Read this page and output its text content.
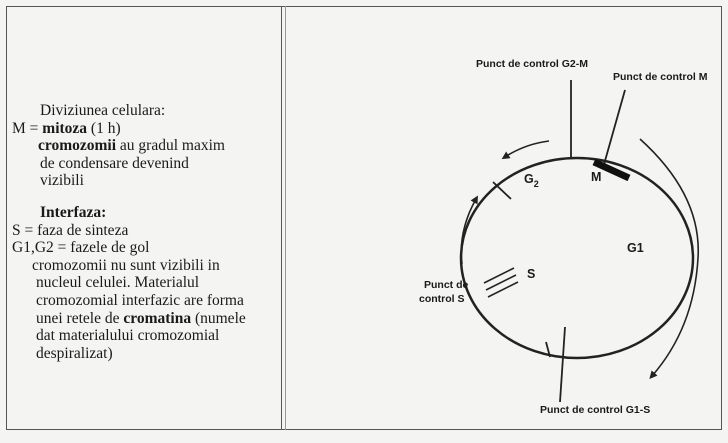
Diviziunea celulara:
M = mitoza (1 h)
cromozomii au gradul maxim
de condensare devenind
vizibili
Interfaza:
S = faza de sinteza
G1,G2 = fazele de gol
cromozomii nu sunt vizibili in
nucleul celulei. Materialul
cromozomial interfazic are forma
unei retele de cromatina (numele
dat materialului cromozomial
despiralizat)
Punct de control G2-M
Punct de control M
M
$G_2$
G1
S
Punct de
control S
Punct de control G1-S
